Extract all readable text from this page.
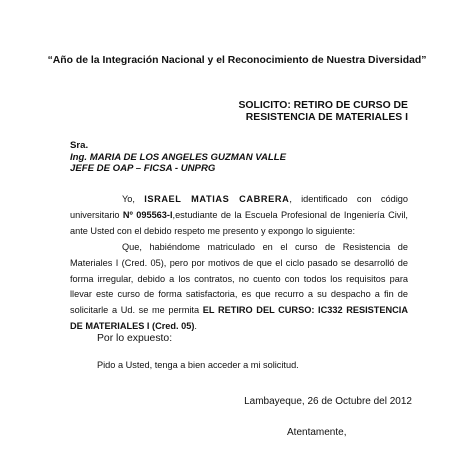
“Año de la Integración Nacional y el Reconocimiento de Nuestra Diversidad”
SOLICITO: RETIRO DE CURSO DE
RESISTENCIA DE MATERIALES I
Sra.
Ing. MARIA DE LOS ANGELES GUZMAN VALLE
JEFE DE OAP – FICSA - UNPRG
Yo, ISRAEL MATIAS CABRERA, identificado con código universitario Nº 095563-I,estudiante de la Escuela Profesional de Ingeniería Civil, ante Usted con el debido respeto me presento y expongo lo siguiente:
Que, habiéndome matriculado en el curso de Resistencia de Materiales I (Cred. 05), pero por motivos de que el ciclo pasado se desarrolló de forma irregular, debido a los contratos, no cuento con todos los requisitos para llevar este curso de forma satisfactoria, es que recurro a su despacho a fin de solicitarle a Ud. se me permita EL RETIRO DEL CURSO: IC332 RESISTENCIA DE MATERIALES I (Cred. 05).
Por lo expuesto:
Pido a Usted, tenga a bien acceder a mi solicitud.
Lambayeque, 26 de Octubre del 2012
Atentamente,
